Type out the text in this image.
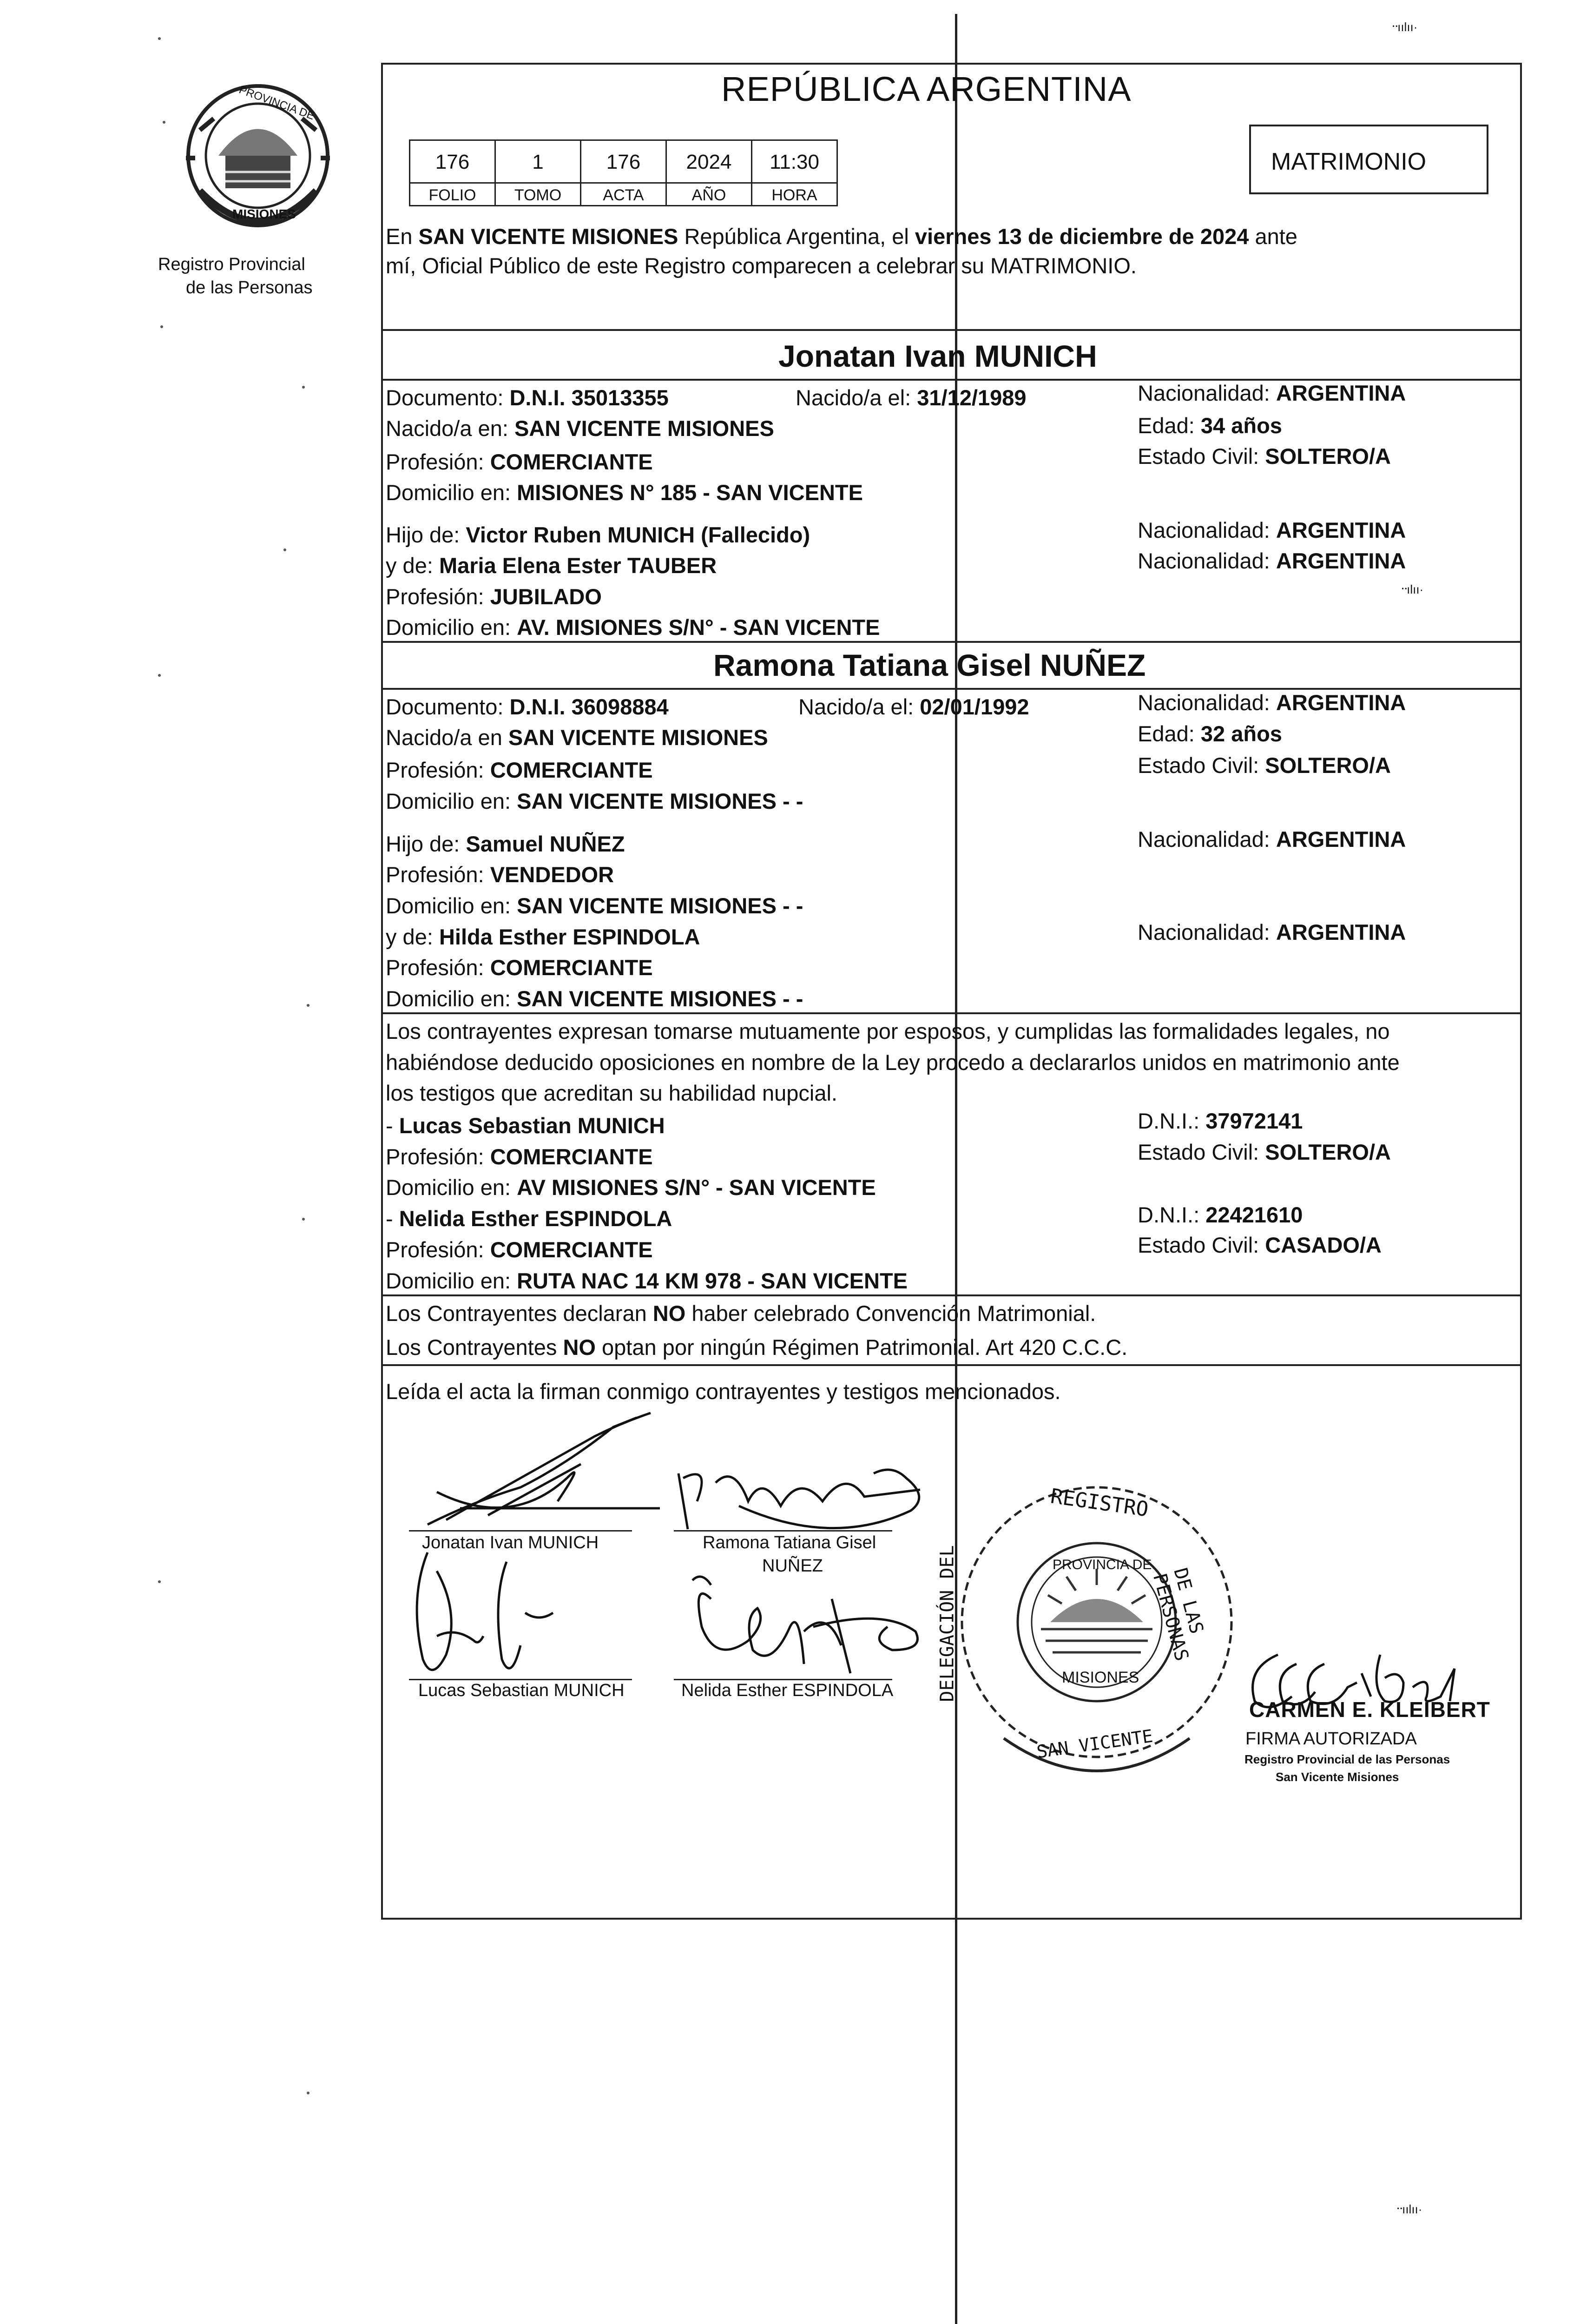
PROVINCIA DE
MISIONES
Registro Provincial
de las Personas
REPÚBLICA ARGENTINA
MATRIMONIO
176	1	176	2024	11:30
FOLIO	TOMO	ACTA	AÑO	HORA
En SAN VICENTE MISIONES República Argentina, el viernes 13 de diciembre de 2024 ante
mí, Oficial Público de este Registro comparecen a celebrar su MATRIMONIO.
Jonatan Ivan MUNICH
Documento: D.N.I. 35013355	Nacido/a el: 31/12/1989	Nacionalidad: ARGENTINA
Nacido/a en: SAN VICENTE MISIONES	Edad: 34 años
Profesión: COMERCIANTE	Estado Civil: SOLTERO/A
Domicilio en: MISIONES N° 185 - SAN VICENTE
Hijo de: Victor Ruben MUNICH (Fallecido)	Nacionalidad: ARGENTINA
y de: Maria Elena Ester TAUBER	Nacionalidad: ARGENTINA
Profesión: JUBILADO
Domicilio en: AV. MISIONES S/N° - SAN VICENTE
Ramona Tatiana Gisel NUÑEZ
Documento: D.N.I. 36098884	Nacido/a el: 02/01/1992	Nacionalidad: ARGENTINA
Nacido/a en SAN VICENTE MISIONES	Edad: 32 años
Profesión: COMERCIANTE	Estado Civil: SOLTERO/A
Domicilio en: SAN VICENTE MISIONES - -
Hijo de: Samuel NUÑEZ	Nacionalidad: ARGENTINA
Profesión: VENDEDOR
Domicilio en: SAN VICENTE MISIONES - -
y de: Hilda Esther ESPINDOLA	Nacionalidad: ARGENTINA
Profesión: COMERCIANTE
Domicilio en: SAN VICENTE MISIONES - -
Los contrayentes expresan tomarse mutuamente por esposos, y cumplidas las formalidades legales, no
habiéndose deducido oposiciones en nombre de la Ley procedo a declararlos unidos en matrimonio ante
los testigos que acreditan su habilidad nupcial.
- Lucas Sebastian MUNICH	D.N.I.: 37972141
Profesión: COMERCIANTE	Estado Civil: SOLTERO/A
Domicilio en: AV MISIONES S/N° - SAN VICENTE
- Nelida Esther ESPINDOLA	D.N.I.: 22421610
Profesión: COMERCIANTE	Estado Civil: CASADO/A
Domicilio en: RUTA NAC 14 KM 978 - SAN VICENTE
Los Contrayentes declaran NO haber celebrado Convención Matrimonial.
Los Contrayentes NO optan por ningún Régimen Patrimonial. Art 420 C.C.C.
Leída el acta la firman conmigo contrayentes y testigos mencionados.
Jonatan Ivan MUNICH	Ramona Tatiana Gisel
NUÑEZ
Lucas Sebastian MUNICH	Nelida Esther ESPINDOLA
REGISTRO
DELEGACIÓN DEL	DE LAS PERSONAS
SAN VICENTE
PROVINCIA DE
MISIONES
CARMEN E. KLEIBERT
FIRMA AUTORIZADA
Registro Provincial de las Personas
San Vicente Misiones
᠃ıılıı·
᠃ılıı·
᠃ıılıı·
